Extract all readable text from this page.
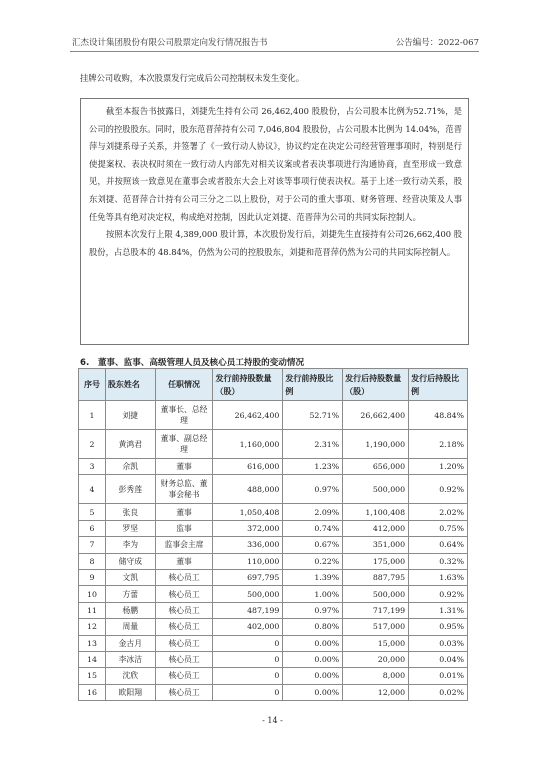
汇杰设计集团股份有限公司股票定向发行情况报告书	公告编号：2022-067

挂牌公司收购，本次股票发行完成后公司控制权未发生变化。

截至本报告书披露日，刘捷先生持有公司 26,462,400 股股份，占公司股本比例为52.71%，是公司的控股股东。同时，股东范晋萍持有公司 7,046,804 股股份，占公司股本比例为 14.04%，范晋萍与刘捷系母子关系，并签署了《一致行动人协议》，协议约定在决定公司经营管理事项时，特别是行使提案权、表决权时须在一致行动人内部先对相关议案或者表决事项进行沟通协商，直至形成一致意见，并按照该一致意见在董事会或者股东大会上对该等事项行使表决权。基于上述一致行动关系，股东刘捷、范晋萍合计持有公司三分之二以上股份，对于公司的重大事项、财务管理、经营决策及人事任免等具有绝对决定权，构成绝对控制，因此认定刘捷、范晋萍为公司的共同实际控制人。

按照本次发行上限 4,389,000 股计算，本次股份发行后，刘捷先生直接持有公司26,662,400 股股份，占总股本的 48.84%，仍然为公司的控股股东，刘捷和范晋萍仍然为公司的共同实际控制人。

6.　董事、监事、高级管理人员及核心员工持股的变动情况
序号	股东姓名	任职情况	发行前持股数量（股）	发行前持股比例	发行后持股数量（股）	发行后持股比例
1	刘捷	董事长、总经理	26,462,400	52.71%	26,662,400	48.84%
2	黄鸿君	董事、副总经理	1,160,000	2.31%	1,190,000	2.18%
3	佘凯	董事	616,000	1.23%	656,000	1.20%
4	彭秀莲	财务总监、董事会秘书	488,000	0.97%	500,000	0.92%
5	张良	董事	1,050,408	2.09%	1,100,408	2.02%
6	罗坚	监事	372,000	0.74%	412,000	0.75%
7	李为	监事会主席	336,000	0.67%	351,000	0.64%
8	储守成	董事	110,000	0.22%	175,000	0.32%
9	文凯	核心员工	697,795	1.39%	887,795	1.63%
10	方蕾	核心员工	500,000	1.00%	500,000	0.92%
11	杨鹏	核心员工	487,199	0.97%	717,199	1.31%
12	周量	核心员工	402,000	0.80%	517,000	0.95%
13	金古月	核心员工	0	0.00%	15,000	0.03%
14	李冰洁	核心员工	0	0.00%	20,000	0.04%
15	沈欣	核心员工	0	0.00%	8,000	0.01%
16	欧阳翔	核心员工	0	0.00%	12,000	0.02%
- 14 -
